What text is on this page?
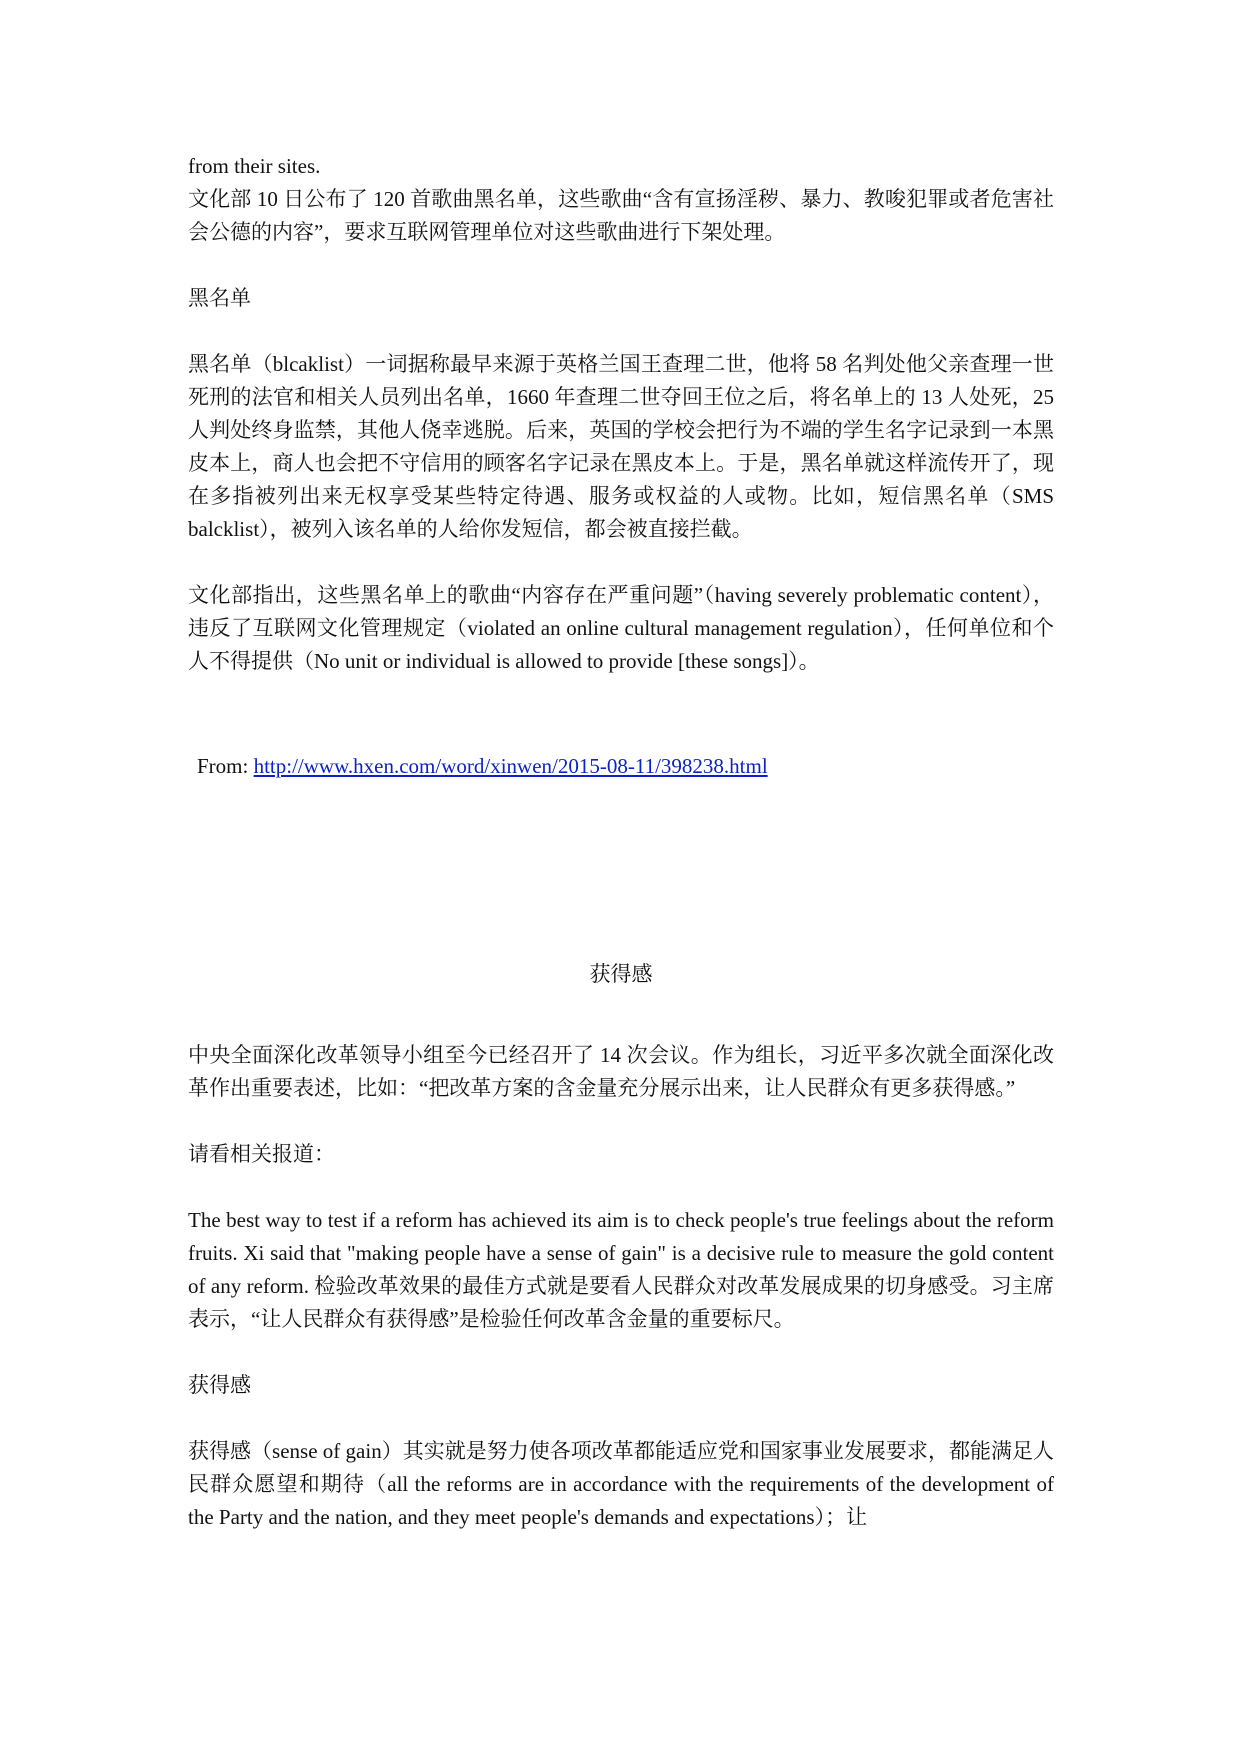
from their sites.

文化部 10 日公布了 120 首歌曲黑名单，这些歌曲“含有宣扬淫秽、暴力、教唆犯罪或者危害社会公德的内容”，要求互联网管理单位对这些歌曲进行下架处理。

黑名单

黑名单（blcaklist）一词据称最早来源于英格兰国王查理二世，他将 58 名判处他父亲查理一世死刑的法官和相关人员列出名单，1660 年查理二世夺回王位之后，将名单上的 13 人处死，25 人判处终身监禁，其他人侥幸逃脱。后来，英国的学校会把行为不端的学生名字记录到一本黑皮本上，商人也会把不守信用的顾客名字记录在黑皮本上。于是，黑名单就这样流传开了，现在多指被列出来无权享受某些特定待遇、服务或权益的人或物。比如，短信黑名单（SMS balcklist），被列入该名单的人给你发短信，都会被直接拦截。

文化部指出，这些黑名单上的歌曲“内容存在严重问题”（having severely problematic content），违反了互联网文化管理规定（violated an online cultural management regulation），任何单位和个人不得提供（No unit or individual is allowed to provide [these songs]）。

From: http://www.hxen.com/word/xinwen/2015-08-11/398238.html

获得感

中央全面深化改革领导小组至今已经召开了 14 次会议。作为组长，习近平多次就全面深化改革作出重要表述，比如：“把改革方案的含金量充分展示出来，让人民群众有更多获得感。”

请看相关报道：

The best way to test if a reform has achieved its aim is to check people's true feelings about the reform fruits. Xi said that "making people have a sense of gain" is a decisive rule to measure the gold content of any reform. 检验改革效果的最佳方式就是要看人民群众对改革发展成果的切身感受。习主席表示，“让人民群众有获得感”是检验任何改革含金量的重要标尺。

获得感

获得感（sense of gain）其实就是努力使各项改革都能适应党和国家事业发展要求，都能满足人民群众愿望和期待（all the reforms are in accordance with the requirements of the development of the Party and the nation, and they meet people's demands and expectations）；让
